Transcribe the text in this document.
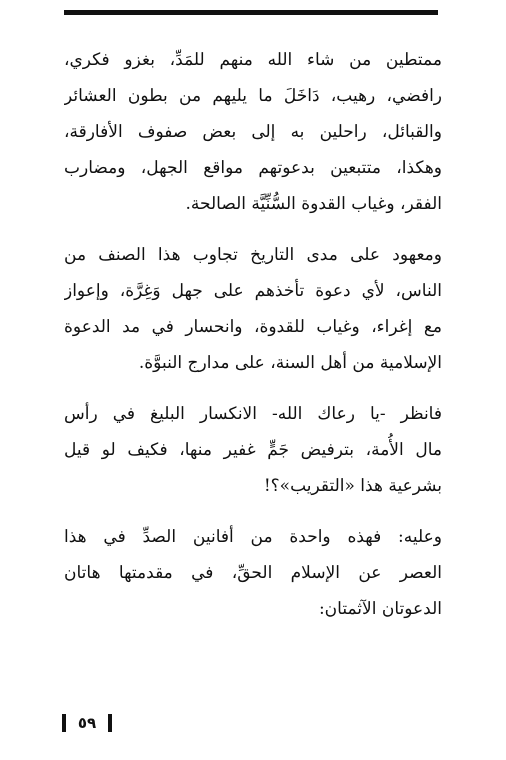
ممتطين من شاء الله منهم للمَدِّ، بغزو فكري،
رافضي، رهيب، دَاخَلَ ما يليهم من بطون العشائر
والقبائل، راحلين به إلى بعض صفوف الأفارقة،
وهكذا، متتبعين بدعوتهم مواقع الجهل، ومضارب
الفقر، وغياب القدوة السُّنِّيَّة الصالحة.
ومعهود على مدى التاريخ تجاوب هذا الصنف من
الناس، لأي دعوة تأخذهم على جهل وَغِرَّة، وإعواز
مع إغراء، وغياب للقدوة، وانحسار في مد الدعوة
الإسلامية من أهل السنة، على مدارج النبوَّة.
فانظر -يا رعاك الله- الانكسار البليغ في رأس
مال الأُمة، بترفيض جَمٍّ غفير منها، فكيف لو قيل
بشرعية هذا «التقريب»؟!
وعليه: فهذه واحدة من أفانين الصدِّ في هذا
العصر عن الإسلام الحقِّ، في مقدمتها هاتان
الدعوتان الآثمتان:
٥٩
